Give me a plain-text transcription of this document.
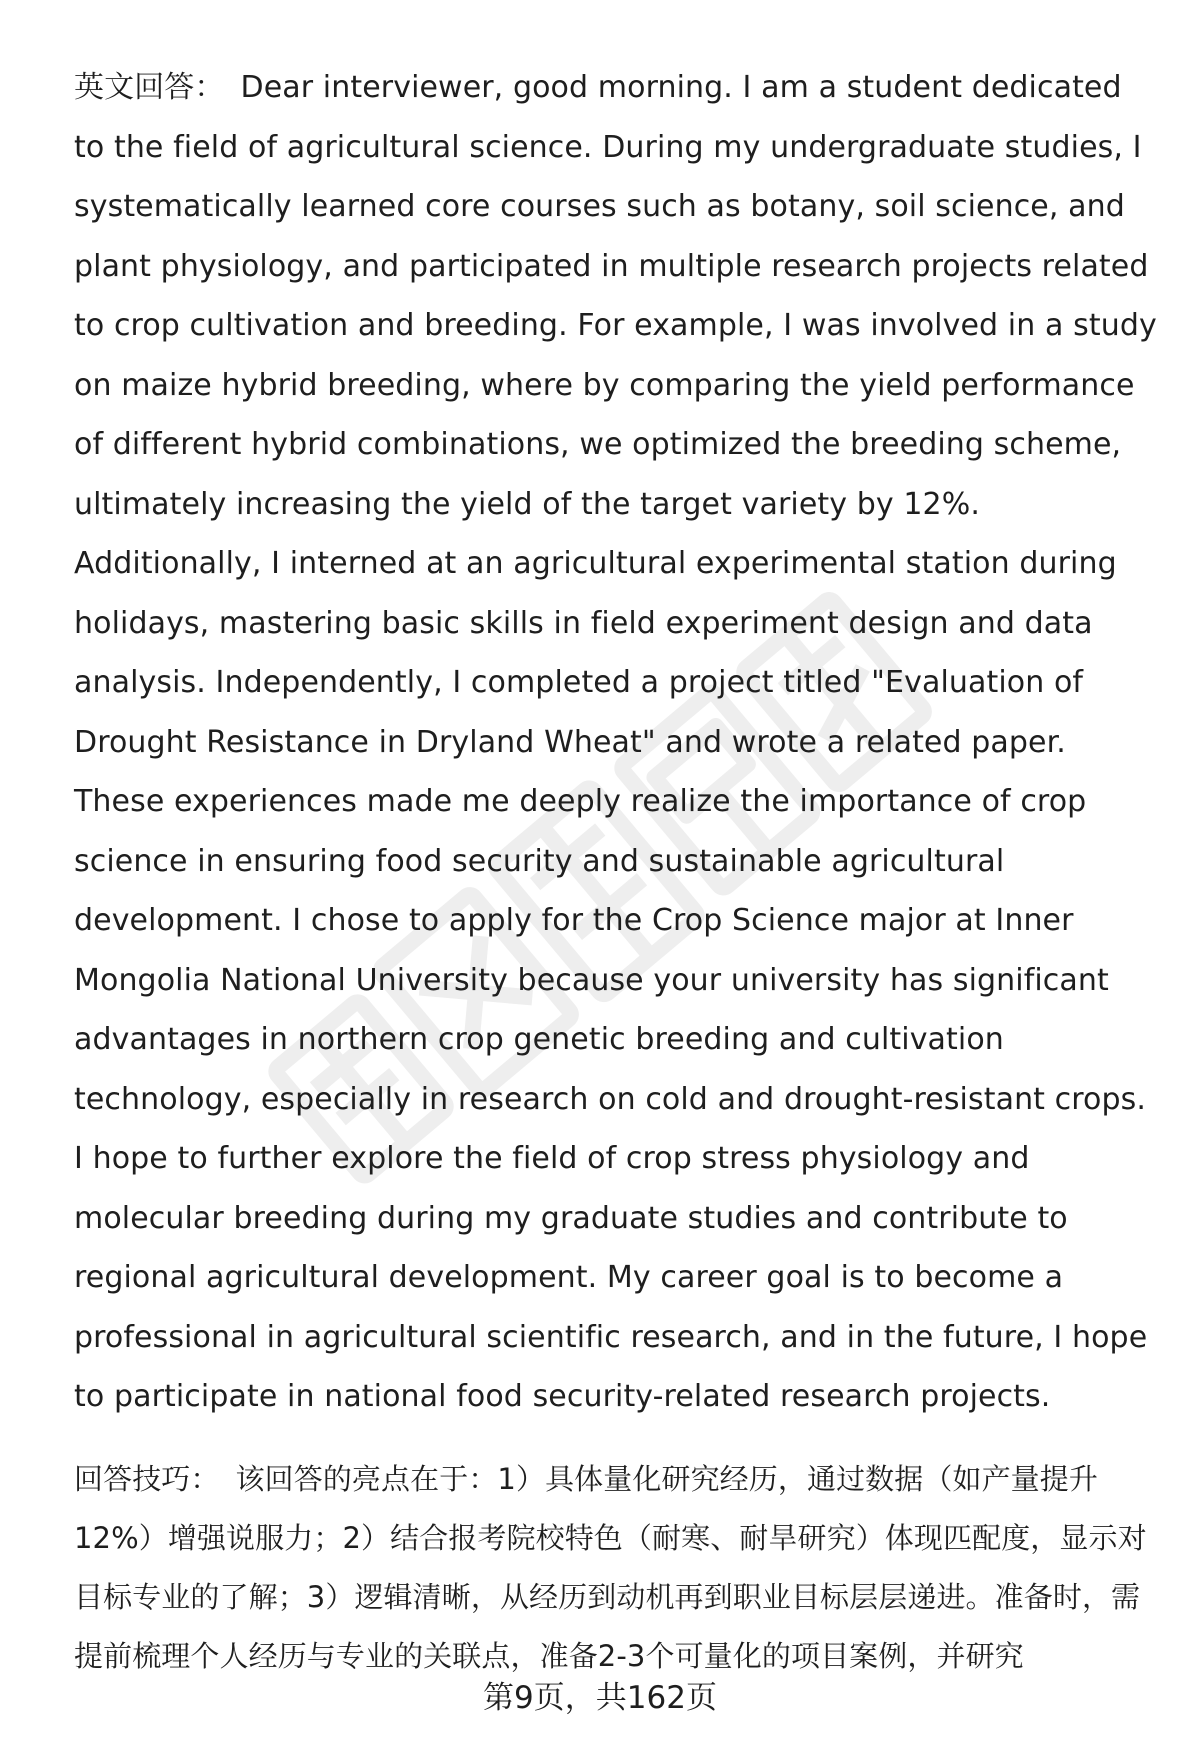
英文回答： Dear interviewer, good morning. I am a student dedicated to the field of agricultural science. During my undergraduate studies, I systematically learned core courses such as botany, soil science, and plant physiology, and participated in multiple research projects related to crop cultivation and breeding. For example, I was involved in a study on maize hybrid breeding, where by comparing the yield performance of different hybrid combinations, we optimized the breeding scheme, ultimately increasing the yield of the target variety by 12%. Additionally, I interned at an agricultural experimental station during holidays, mastering basic skills in field experiment design and data analysis. Independently, I completed a project titled "Evaluation of Drought Resistance in Dryland Wheat" and wrote a related paper. These experiences made me deeply realize the importance of crop science in ensuring food security and sustainable agricultural development. I chose to apply for the Crop Science major at Inner Mongolia National University because your university has significant advantages in northern crop genetic breeding and cultivation technology, especially in research on cold and drought-resistant crops. I hope to further explore the field of crop stress physiology and molecular breeding during my graduate studies and contribute to regional agricultural development. My career goal is to become a professional in agricultural scientific research, and in the future, I hope to participate in national food security-related research projects.

回答技巧： 该回答的亮点在于：1）具体量化研究经历，通过数据（如产量提升12%）增强说服力；2）结合报考院校特色（耐寒、耐旱研究）体现匹配度，显示对目标专业的了解；3）逻辑清晰，从经历到动机再到职业目标层层递进。准备时，需提前梳理个人经历与专业的关联点，准备2-3个可量化的项目案例，并研究

第9页，共162页
